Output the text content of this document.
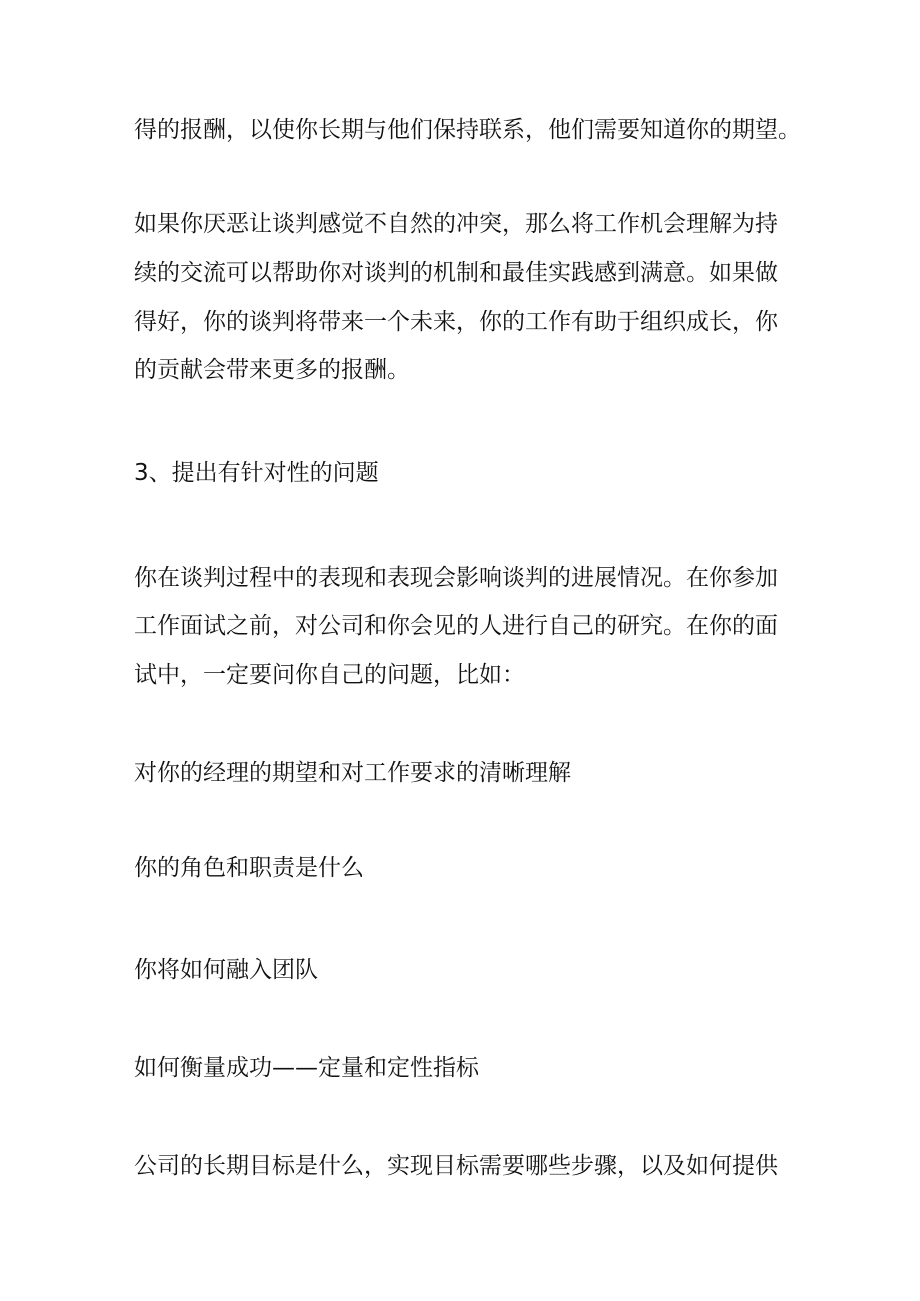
得的报酬，以使你长期与他们保持联系，他们需要知道你的期望。

如果你厌恶让谈判感觉不自然的冲突，那么将工作机会理解为持

续的交流可以帮助你对谈判的机制和最佳实践感到满意。如果做

得好，你的谈判将带来一个未来，你的工作有助于组织成长，你

的贡献会带来更多的报酬。

3、提出有针对性的问题

你在谈判过程中的表现和表现会影响谈判的进展情况。在你参加

工作面试之前，对公司和你会见的人进行自己的研究。在你的面

试中，一定要问你自己的问题，比如：

对你的经理的期望和对工作要求的清晰理解

你的角色和职责是什么

你将如何融入团队

如何衡量成功——定量和定性指标

公司的长期目标是什么，实现目标需要哪些步骤，以及如何提供
